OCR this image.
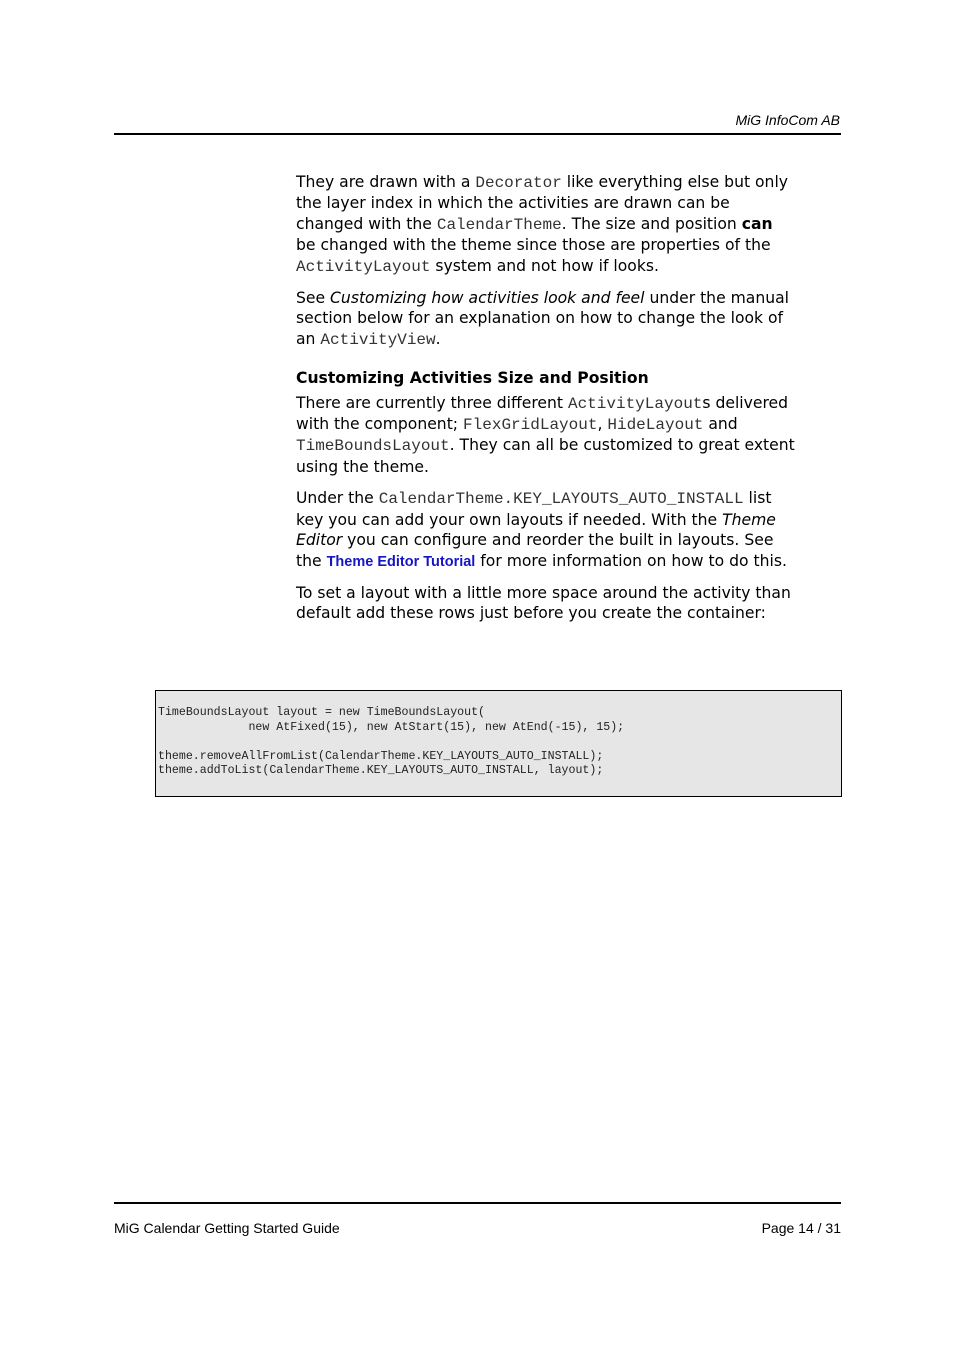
MiG InfoCom AB

They are drawn with a Decorator like everything else but only the layer index in which the activities are drawn can be changed with the CalendarTheme. The size and position can be changed with the theme since those are properties of the ActivityLayout system and not how if looks.

See Customizing how activities look and feel under the manual section below for an explanation on how to change the look of an ActivityView.

Customizing Activities Size and Position

There are currently three different ActivityLayouts delivered with the component; FlexGridLayout, HideLayout and TimeBoundsLayout. They can all be customized to great extent using the theme.

Under the CalendarTheme.KEY_LAYOUTS_AUTO_INSTALL list key you can add your own layouts if needed. With the Theme Editor you can configure and reorder the built in layouts. See the Theme Editor Tutorial for more information on how to do this.

To set a layout with a little more space around the activity than default add these rows just before you create the container:

TimeBoundsLayout layout = new TimeBoundsLayout(
new AtFixed(15), new AtStart(15), new AtEnd(-15), 15);

theme.removeAllFromList(CalendarTheme.KEY_LAYOUTS_AUTO_INSTALL);
theme.addToList(CalendarTheme.KEY_LAYOUTS_AUTO_INSTALL, layout);
MiG Calendar Getting Started Guide	Page 14 / 31
